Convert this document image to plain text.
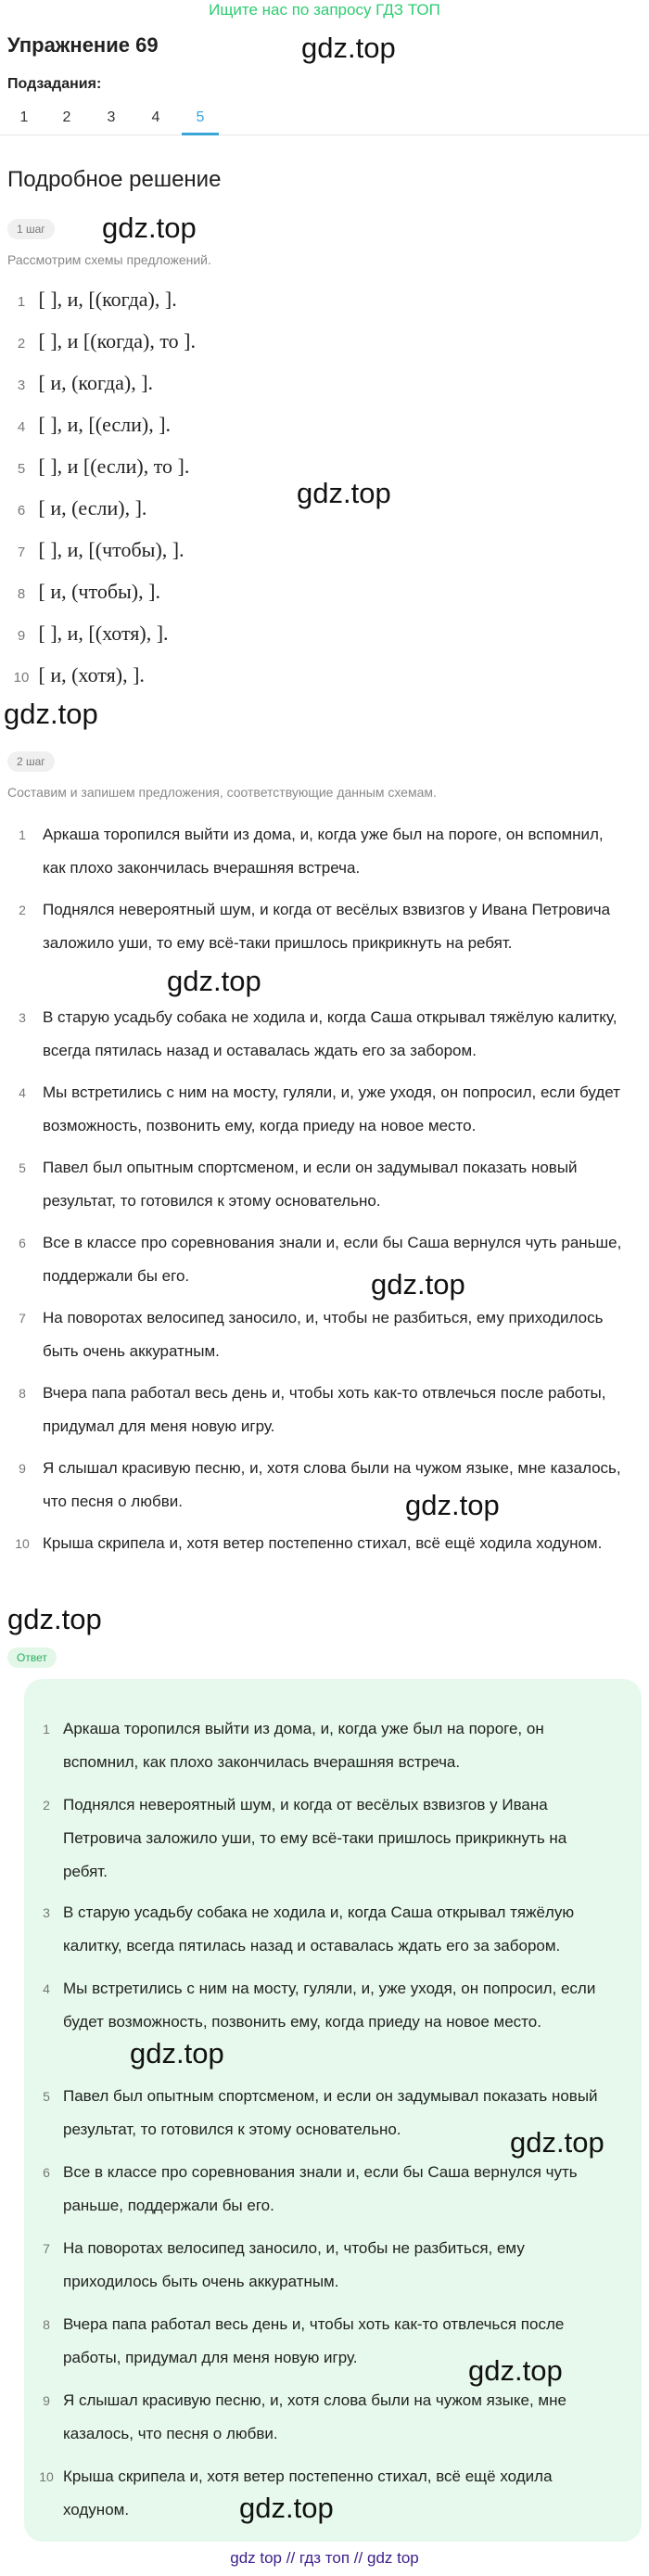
Ищите нас по запросу ГДЗ ТОП
Упражнение 69
Подзадания:
1	2	3	4	5
Подробное решение
1 шаг
Рассмотрим схемы предложений.
1 [ ], и, [(когда), ].
2 [ ], и [(когда), то ].
3 [ и, (когда), ].
4 [ ], и, [(если), ].
5 [ ], и [(если), то ].
6 [ и, (если), ].
7 [ ], и, [(чтобы), ].
8 [ и, (чтобы), ].
9 [ ], и, [(хотя), ].
10 [ и, (хотя), ].
2 шаг
Составим и запишем предложения, соответствующие данным схемам.
1	Аркаша торопился выйти из дома, и, когда уже был на пороге, он вспомнил, как плохо закончилась вчерашняя встреча.
2	Поднялся невероятный шум, и когда от весёлых взвизгов у Ивана Петровича заложило уши, то ему всё-таки пришлось прикрикнуть на ребят.
3	В старую усадьбу собака не ходила и, когда Саша открывал тяжёлую калитку, всегда пятилась назад и оставалась ждать его за забором.
4	Мы встретились с ним на мосту, гуляли, и, уже уходя, он попросил, если будет возможность, позвонить ему, когда приеду на новое место.
5	Павел был опытным спортсменом, и если он задумывал показать новый результат, то готовился к этому основательно.
6	Все в классе про соревнования знали и, если бы Саша вернулся чуть раньше, поддержали бы его.
7	На поворотах велосипед заносило, и, чтобы не разбиться, ему приходилось быть очень аккуратным.
8	Вчера папа работал весь день и, чтобы хоть как-то отвлечься после работы, придумал для меня новую игру.
9	Я слышал красивую песню, и, хотя слова были на чужом языке, мне казалось, что песня о любви.
10 Крыша скрипела и, хотя ветер постепенно стихал, всё ещё ходила ходуном.
Ответ
1 Аркаша торопился выйти из дома, и, когда уже был на пороге, он вспомнил, как плохо закончилась вчерашняя встреча.
2 Поднялся невероятный шум, и когда от весёлых взвизгов у Ивана Петровича заложило уши, то ему всё-таки пришлось прикрикнуть на ребят.
3 В старую усадьбу собака не ходила и, когда Саша открывал тяжёлую калитку, всегда пятилась назад и оставалась ждать его за забором.
4 Мы встретились с ним на мосту, гуляли, и, уже уходя, он попросил, если будет возможность, позвонить ему, когда приеду на новое место.
5 Павел был опытным спортсменом, и если он задумывал показать новый результат, то готовился к этому основательно.
6 Все в классе про соревнования знали и, если бы Саша вернулся чуть раньше, поддержали бы его.
7 На поворотах велосипед заносило, и, чтобы не разбиться, ему приходилось быть очень аккуратным.
8 Вчера папа работал весь день и, чтобы хоть как-то отвлечься после работы, придумал для меня новую игру.
9 Я слышал красивую песню, и, хотя слова были на чужом языке, мне казалось, что песня о любви.
10 Крыша скрипела и, хотя ветер постепенно стихал, всё ещё ходила ходуном.
gdz.top
gdz.top
gdz.top
gdz.top
gdz.top
gdz.top
gdz.top
gdz.top
gdz.top
gdz.top
gdz.top
gdz.top
gdz top // гдз топ // gdz top
